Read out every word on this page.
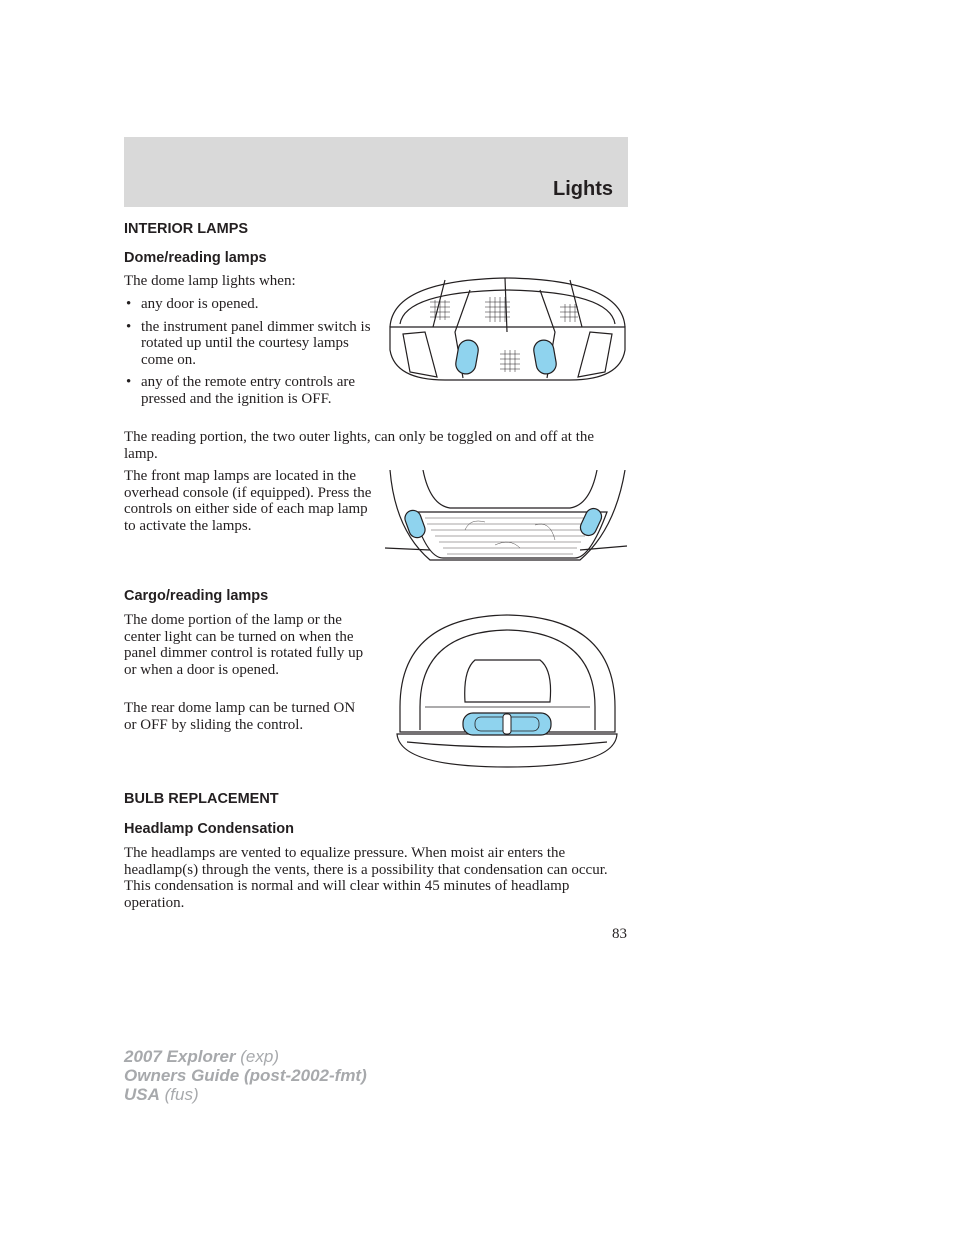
Lights
INTERIOR LAMPS
Dome/reading lamps

The dome lamp lights when:

• any door is opened.
• the instrument panel dimmer switch is rotated up until the courtesy lamps come on.
• any of the remote entry controls are pressed and the ignition is OFF.

The reading portion, the two outer lights, can only be toggled on and off at the lamp.

The front map lamps are located in the overhead console (if equipped). Press the controls on either side of each map lamp to activate the lamps.

Cargo/reading lamps

The dome portion of the lamp or the center light can be turned on when the panel dimmer control is rotated fully up or when a door is opened.

The rear dome lamp can be turned ON or OFF by sliding the control.

BULB REPLACEMENT
Headlamp Condensation

The headlamps are vented to equalize pressure. When moist air enters the headlamp(s) through the vents, there is a possibility that condensation can occur. This condensation is normal and will clear within 45 minutes of headlamp operation.

83
2007 Explorer (exp)
Owners Guide (post-2002-fmt)
USA (fus)
